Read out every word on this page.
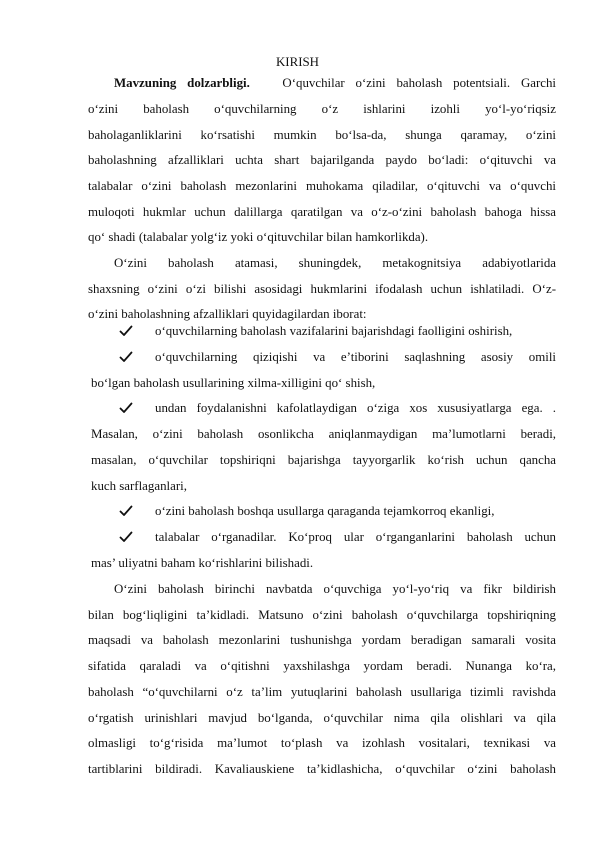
KIRISH
Mavzuning dolzarbligi.	O‘quvchilar o‘zini baholash potentsiali. Garchi
o‘zini baholash o‘quvchilarning o‘z ishlarini izohli yo‘l-yo‘riqsiz
baholaganliklarini ko‘rsatishi mumkin bo‘lsa-da, shunga qaramay, o‘zini
baholashning afzalliklari uchta shart bajarilganda paydo bo‘ladi: o‘qituvchi va
talabalar o‘zini baholash mezonlarini muhokama qiladilar, o‘qituvchi va o‘quvchi
muloqoti hukmlar uchun dalillarga qaratilgan va o‘z-o‘zini baholash bahoga hissa
qo‘ shadi (talabalar yolg‘iz yoki o‘qituvchilar bilan hamkorlikda).
O‘zini baholash atamasi, shuningdek, metakognitsiya adabiyotlarida
shaxsning o‘zini o‘zi bilishi asosidagi hukmlarini ifodalash uchun ishlatiladi. O‘z-
o‘zini baholashning afzalliklari quyidagilardan iborat:
o‘quvchilarning baholash vazifalarini bajarishdagi faolligini oshirish,
o‘quvchilarning qiziqishi va e’tiborini saqlashning asosiy omili
bo‘lgan baholash usullarining xilma-xilligini qo‘ shish,
undan foydalanishni kafolatlaydigan o‘ziga xos xususiyatlarga ega. .
Masalan, o‘zini baholash osonlikcha aniqlanmaydigan ma’lumotlarni beradi,
masalan, o‘quvchilar topshiriqni bajarishga tayyorgarlik ko‘rish uchun qancha
kuch sarflaganlari,
o‘zini baholash boshqa usullarga qaraganda tejamkorroq ekanligi,
talabalar o‘rganadilar. Ko‘proq ular o‘rganganlarini baholash uchun
mas’ uliyatni baham ko‘rishlarini bilishadi.
O‘zini baholash birinchi navbatda o‘quvchiga yo‘l-yo‘riq va fikr bildirish
bilan bog‘liqligini ta’kidladi. Matsuno o‘zini baholash o‘quvchilarga topshiriqning
maqsadi va baholash mezonlarini tushunishga yordam beradigan samarali vosita
sifatida qaraladi va o‘qitishni yaxshilashga yordam beradi. Nunanga ko‘ra,
baholash “o‘quvchilarni o‘z ta’lim yutuqlarini baholash usullariga tizimli ravishda
o‘rgatish urinishlari mavjud bo‘lganda, o‘quvchilar nima qila olishlari va qila
olmasligi to‘g‘risida ma’lumot to‘plash va izohlash vositalari, texnikasi va
tartiblarini bildiradi. Kavaliauskiene ta’kidlashicha, o‘quvchilar o‘zini baholash
